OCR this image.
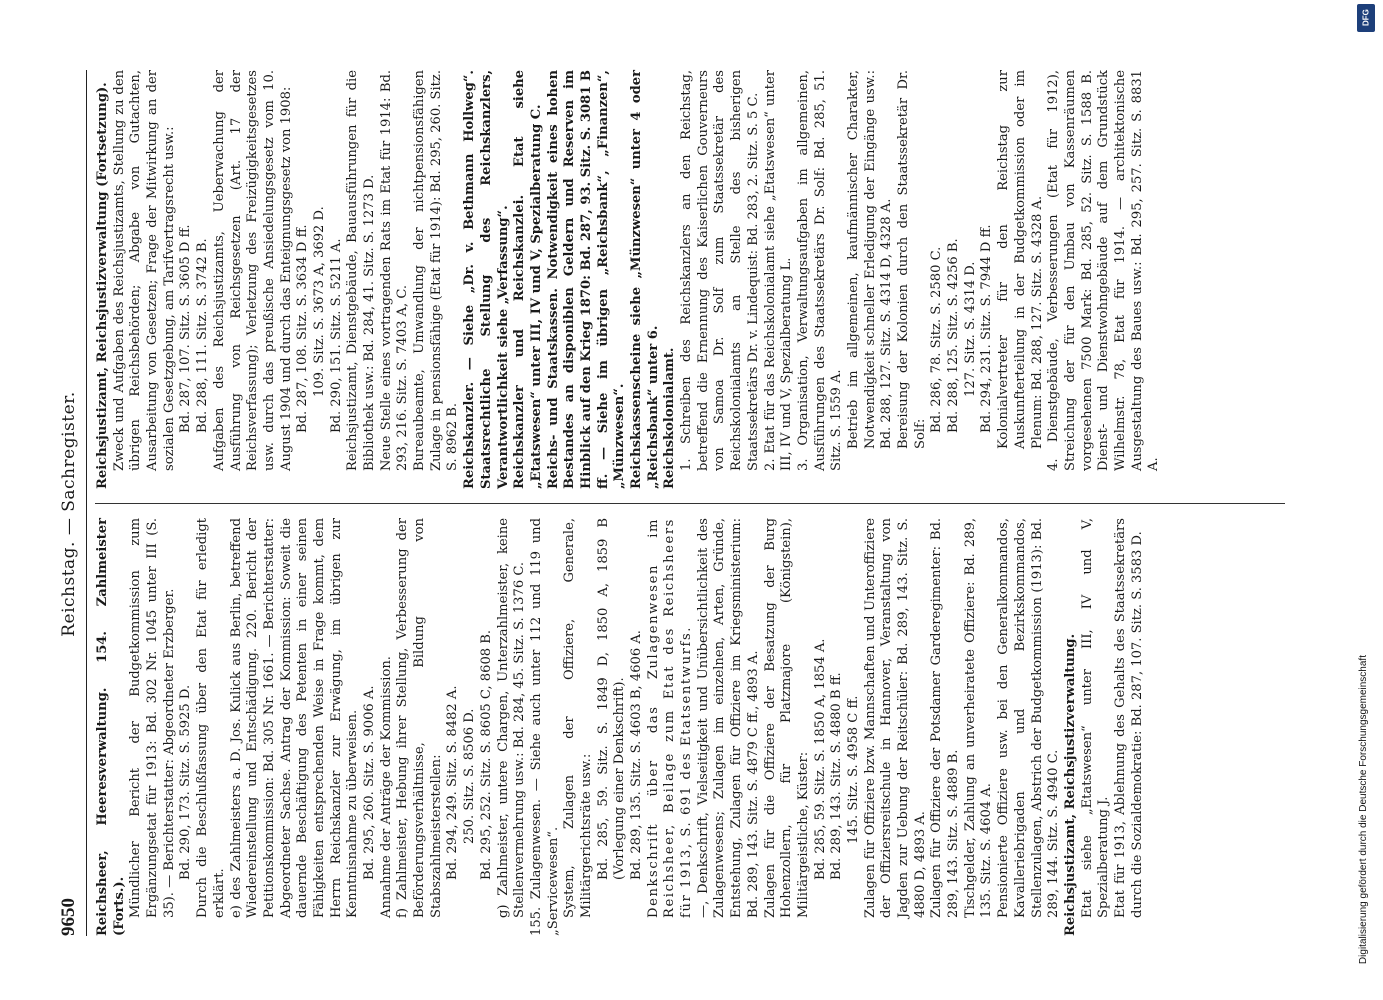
9650
Reichstag. — Sachregister.

Reichsheer, Heeresverwaltung. 154. Zahlmeister (Forts.). Mündlicher Bericht der Budgetkommission zum Ergänzungsetat für 1913: Bd. 302 Nr. 1045 unter III (S. 35). — Berichterstatter: Abgeordneter Erzberger. Bd. 290, 173. Sitz. S. 5925 D. Durch die Beschlußfassung über den Etat für erledigt erklärt. e) des Zahlmeisters a. D. Jos. Kulick aus Berlin, betreffend Wiedereinstellung und Entschädigung. 220. Bericht der Petitionskommission: Bd. 305 Nr. 1661. — Berichterstatter: Abgeordneter Sachse. Antrag der Kommission: Soweit die dauernde Beschäftigung des Petenten in einer seinen Fähigkeiten entsprechenden Weise in Frage kommt, dem Herrn Reichskanzler zur Erwägung, im übrigen zur Kenntnisnahme zu überweisen. Bd. 295, 260. Sitz. S. 9006 A. Annahme der Anträge der Kommission. f) Zahlmeister, Hebung ihrer Stellung, Verbesserung der Beförderungsverhältnisse, Bildung von Stabszahlmeisterstellen: Bd. 294, 249. Sitz. S. 8482 A. 250. Sitz. S. 8506 D. Bd. 295, 252. Sitz. S. 8605 C, 8608 B. g) Zahlmeister, untere Chargen, Unterzahlmeister, keine Stellenvermehrung usw.: Bd. 284, 45. Sitz. S. 1376 C. 155. Zulagenwesen. — Siehe auch unter 112 und 119 und „Servicewesen“. System, Zulagen der Offiziere, Generale, Militärgerichtsräte usw.: Bd. 285, 59. Sitz. S. 1849 D, 1850 A, 1859 B (Vorlegung einer Denkschrift). Bd. 289, 135. Sitz. S. 4603 B, 4606 A. Denkschrift über das Zulagenwesen im Reichsheer, Beilage zum Etat des Reichsheers für 1913, S. 691 des Etatsentwurfs. —, Denkschrift, Vielseitigkeit und Unübersichtlichkeit des Zulagenwesens; Zulagen im einzelnen, Arten, Gründe, Entstehung, Zulagen für Offiziere im Kriegsministerium: Bd. 289, 143. Sitz. S. 4879 C ff., 4893 A. Zulagen für die Offiziere der Besatzung der Burg Hohenzollern, für Platzmajore (Königstein), Militärgeistliche, Küster: Bd. 285, 59. Sitz. S. 1850 A, 1854 A. Bd. 289, 143. Sitz. S. 4880 B ff. 145. Sitz. S. 4958 C ff. Zulagen für Offiziere bzw. Mannschaften und Unteroffiziere der Offiziersreitschule in Hannover, Veranstaltung von Jagden zur Uebung der Reitschüler: Bd. 289, 143. Sitz. S. 4880 D, 4893 A. Zulagen für Offiziere der Potsdamer Garderegimenter: Bd. 289, 143. Sitz. S. 4889 B. Tischgelder, Zahlung an unverheiratete Offiziere: Bd. 289, 135. Sitz. S. 4604 A. Pensionierte Offiziere usw. bei den Generalkommandos, Kavalleriebrigaden und Bezirkskommandos, Stellenzulagen, Abstrich der Budgetkommission (1913): Bd. 289, 144. Sitz. S. 4940 C. Reichsjustizamt, Reichsjustizverwaltung. Etat siehe „Etatswesen“ unter III, IV und V, Spezialberatung J. Etat für 1913, Ablehnung des Gehalts des Staatssekretärs durch die Sozialdemokratie: Bd. 287, 107. Sitz. S. 3583 D.

Reichsjustizamt, Reichsjustizverwaltung (Fortsetzung). Zweck und Aufgaben des Reichsjustizamts, Stellung zu den übrigen Reichsbehörden; Abgabe von Gutachten, Ausarbeitung von Gesetzen; Frage der Mitwirkung an der sozialen Gesetzgebung, am Tarifvertragsrecht usw.: Bd. 287, 107. Sitz. S. 3605 D ff. Bd. 288, 111. Sitz. S. 3742 B. Aufgaben des Reichsjustizamts, Ueberwachung der Ausführung von Reichsgesetzen (Art. 17 der Reichsverfassung); Verletzung des Freizügigkeitsgesetzes usw. durch das preußische Ansiedelungsgesetz vom 10. August 1904 und durch das Enteignungsgesetz von 1908: Bd. 287, 108. Sitz. S. 3634 D ff. 109. Sitz. S. 3673 A, 3692 D. Bd. 290, 151. Sitz. S. 5211 A. Reichsjustizamt, Dienstgebäude, Bauausführungen für die Bibliothek usw.: Bd. 284, 41. Sitz. S. 1273 D. Neue Stelle eines vortragenden Rats im Etat für 1914: Bd. 293, 216. Sitz. S. 7403 A, C. Bureaubeamte, Umwandlung der nichtpensionsfähigen Zulage in pensionsfähige (Etat für 1914): Bd. 295, 260. Sitz. S. 8962 B. Reichskanzler. — Siehe „Dr. v. Bethmann Hollweg“. Staatsrechtliche Stellung des Reichskanzlers, Verantwortlichkeit siehe „Verfassung“. Reichskanzler und Reichskanzlei. Etat siehe „Etatswesen“ unter III, IV und V, Spezialberatung C. Reichs- und Staatskassen. Notwendigkeit eines hohen Bestandes an disponiblen Geldern und Reserven im Hinblick auf den Krieg 1870: Bd. 287, 93. Sitz. S. 3081 B ff. — Siehe im übrigen „Reichsbank“, „Finanzen“, „Münzwesen“. Reichskassenscheine siehe „Münzwesen“ unter 4 oder „Reichsbank“ unter 6. Reichskolonialamt. 1. Schreiben des Reichskanzlers an den Reichstag, betreffend die Ernennung des Kaiserlichen Gouverneurs von Samoa Dr. Solf zum Staatssekretär des Reichskolonialamts an Stelle des bisherigen Staatssekretärs Dr. v. Lindequist: Bd. 283, 2. Sitz. S. 5 C. 2. Etat für das Reichskolonialamt siehe „Etatswesen“ unter III, IV und V, Spezialberatung L. 3. Organisation, Verwaltungsaufgaben im allgemeinen, Ausführungen des Staatssekretärs Dr. Solf: Bd. 285, 51. Sitz. S. 1559 A. Betrieb im allgemeinen, kaufmännischer Charakter, Notwendigkeit schneller Erledigung der Eingänge usw.: Bd. 288, 127. Sitz. S. 4314 D, 4328 A. Bereisung der Kolonien durch den Staatssekretär Dr. Solf:

Bd. 286, 78. Sitz. S. 2580 C. Bd. 288, 125. Sitz. S. 4256 B. 127. Sitz. S. 4314 D. Bd. 294, 231. Sitz. S. 7944 D ff. Kolonialvertreter für den Reichstag zur Auskunfterteilung in der Budgetkommission oder im Plenum: Bd. 288, 127. Sitz. S. 4328 A. 4. Dienstgebäude, Verbesserungen (Etat für 1912), Streichung der für den Umbau von Kassenräumen vorgesehenen 7500 Mark: Bd. 285, 52. Sitz. S. 1588 B. Dienst- und Dienstwohngebäude auf dem Grundstück Wilhelmstr. 78, Etat für 1914. — architektonische Ausgestaltung des Baues usw.: Bd. 295, 257. Sitz. S. 8831 A.

DFG
Digitalisierung gefördert durch die Deutsche Forschungsgemeinschaft
